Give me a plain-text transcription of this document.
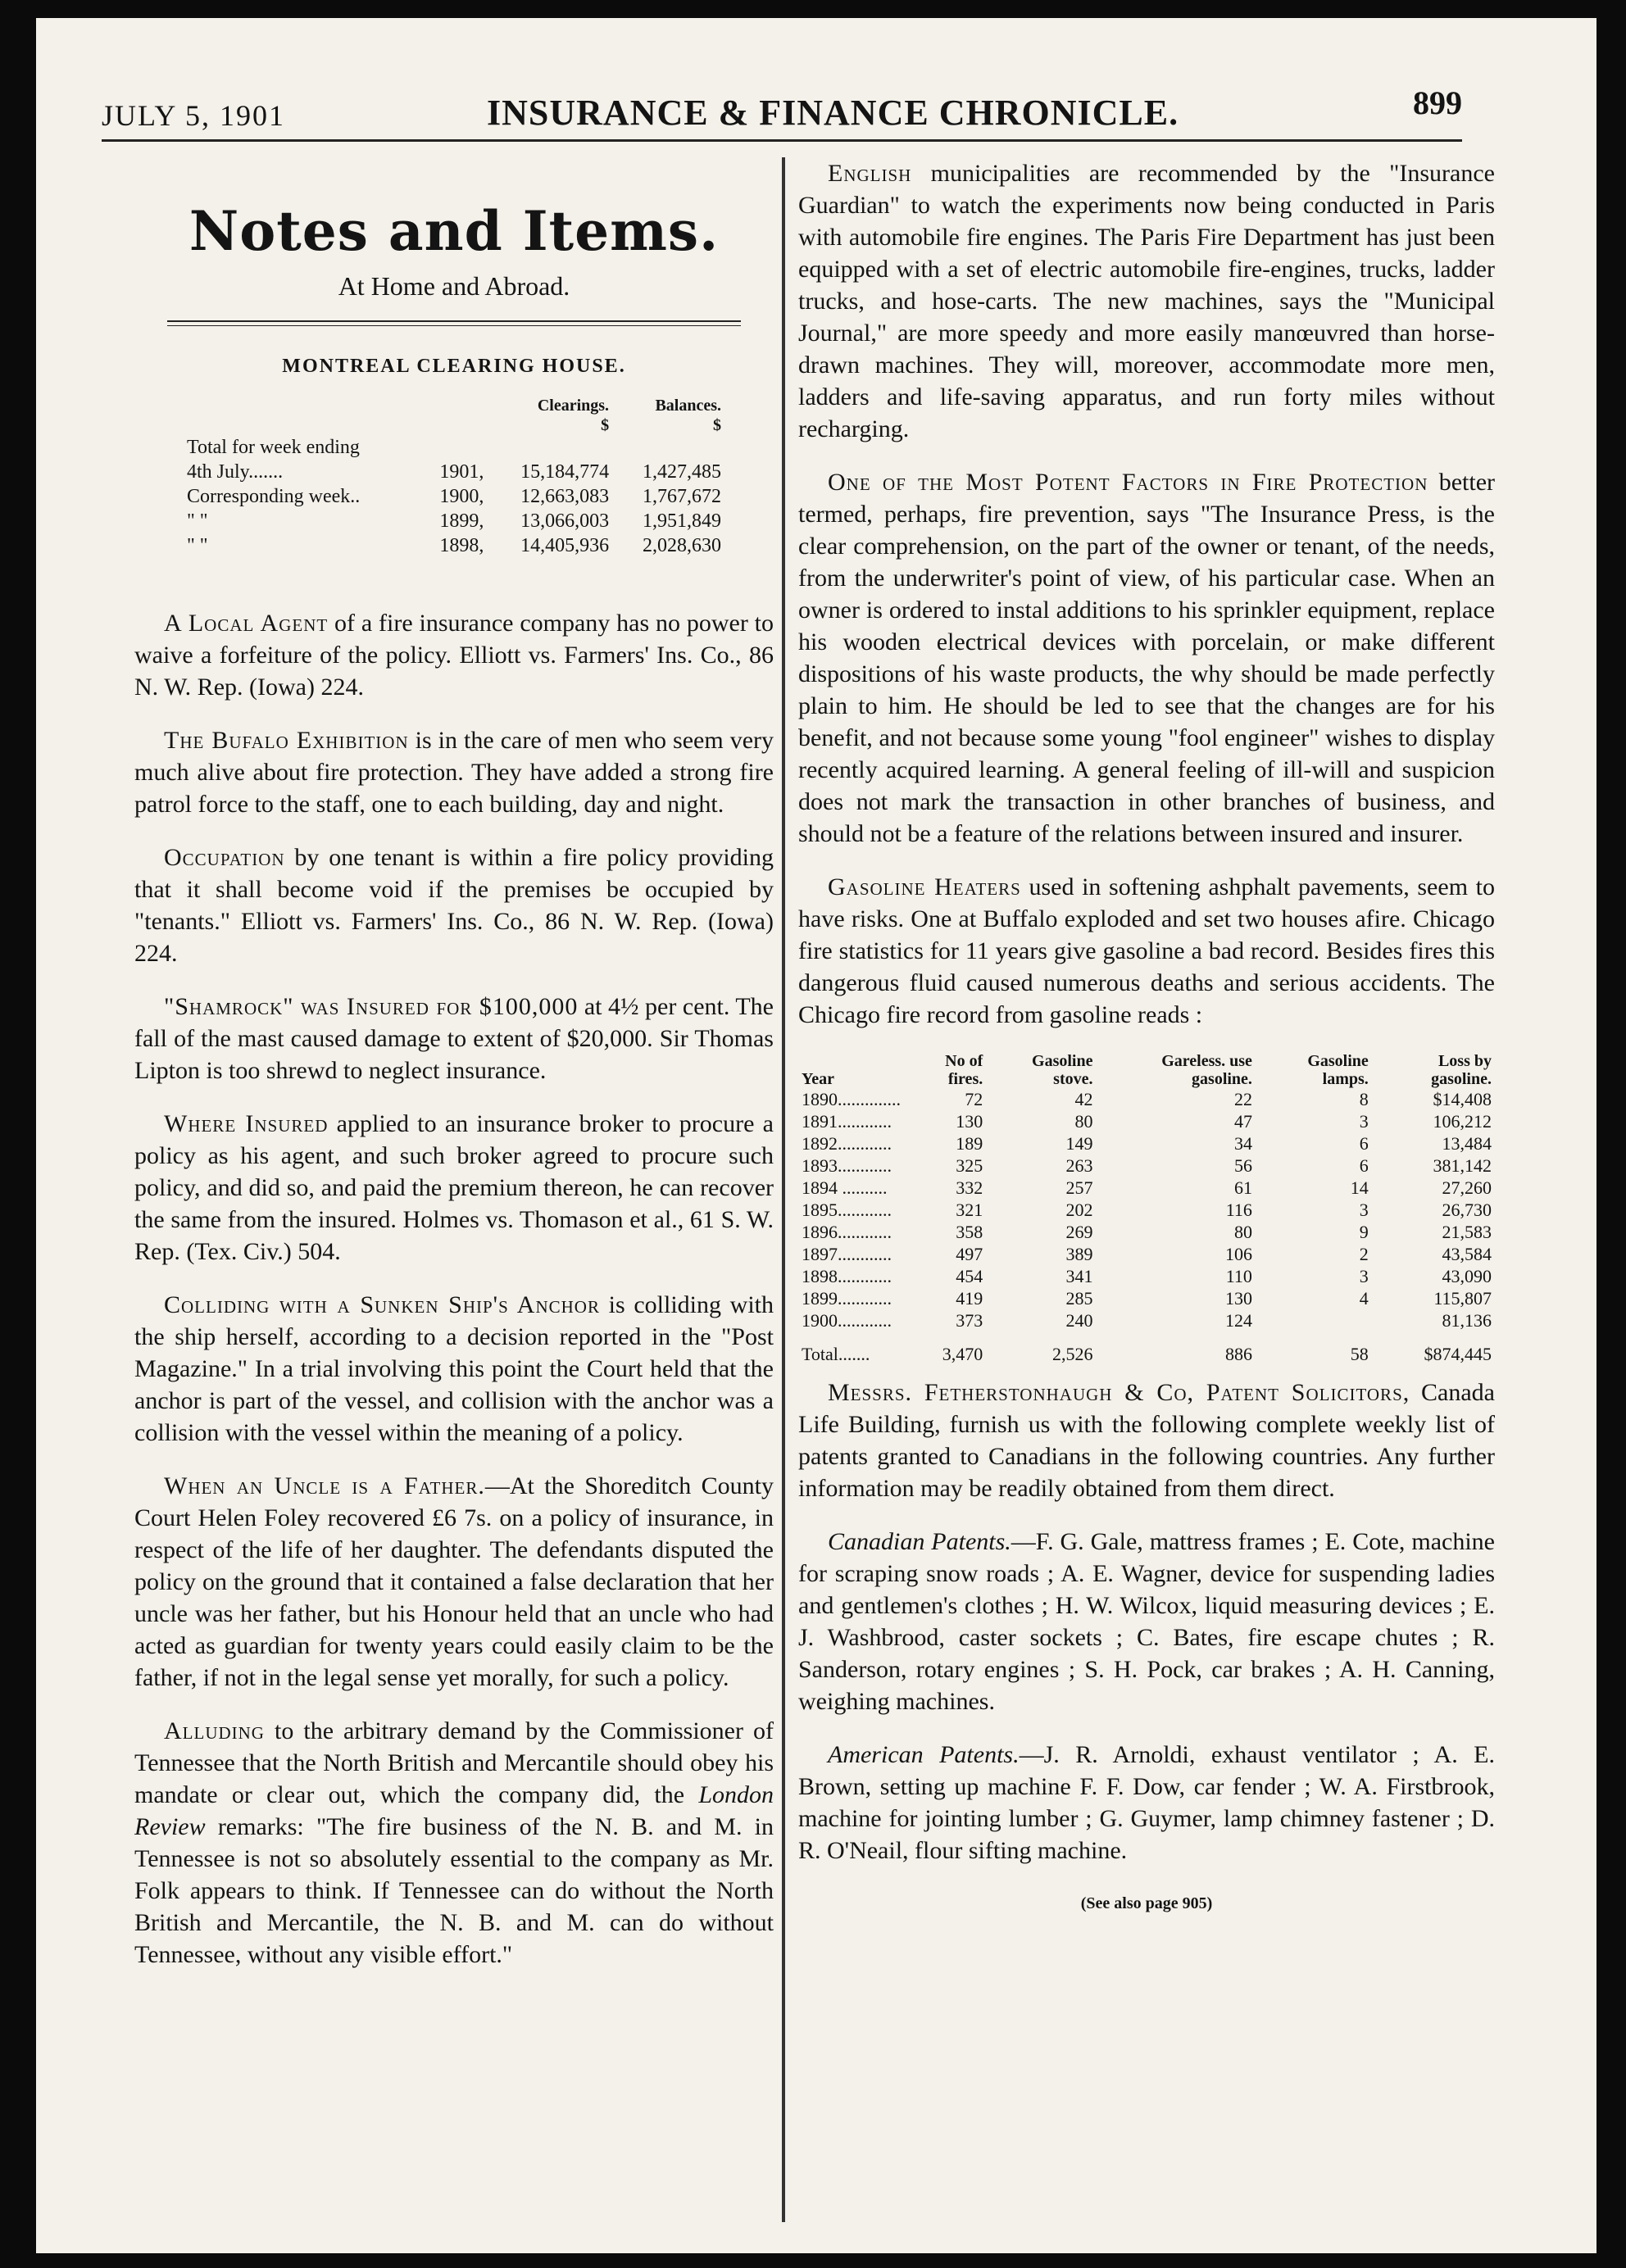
JULY 5, 1901	INSURANCE & FINANCE CHRONICLE.	899
Notes and Items.
At Home and Abroad.
MONTREAL CLEARING HOUSE.
		Clearings.	Balances.
		$	$
Total for week ending			
4th July.......	1901,	15,184,774	1,427,485
Corresponding week..	1900,	12,663,083	1,767,672
" "	1899,	13,066,003	1,951,849
" "	1898,	14,405,936	2,028,630

A Local Agent of a fire insurance company has no power to waive a forfeiture of the policy. Elliott vs. Farmers' Ins. Co., 86 N. W. Rep. (Iowa) 224.

The Bufalo Exhibition is in the care of men who seem very much alive about fire protection. They have added a strong fire patrol force to the staff, one to each building, day and night.

Occupation by one tenant is within a fire policy providing that it shall become void if the premises be occupied by "tenants." Elliott vs. Farmers' Ins. Co., 86 N. W. Rep. (Iowa) 224.

"Shamrock" was Insured for $100,000 at 4½ per cent. The fall of the mast caused damage to extent of $20,000. Sir Thomas Lipton is too shrewd to neglect insurance.

Where Insured applied to an insurance broker to procure a policy as his agent, and such broker agreed to procure such policy, and did so, and paid the premium thereon, he can recover the same from the insured. Holmes vs. Thomason et al., 61 S. W. Rep. (Tex. Civ.) 504.

Colliding with a Sunken Ship's Anchor is colliding with the ship herself, according to a decision reported in the "Post Magazine." In a trial involving this point the Court held that the anchor is part of the vessel, and collision with the anchor was a collision with the vessel within the meaning of a policy.

When an Uncle is a Father.—At the Shoreditch County Court Helen Foley recovered £6 7s. on a policy of insurance, in respect of the life of her daughter. The defendants disputed the policy on the ground that it contained a false declaration that her uncle was her father, but his Honour held that an uncle who had acted as guardian for twenty years could easily claim to be the father, if not in the legal sense yet morally, for such a policy.

Alluding to the arbitrary demand by the Commissioner of Tennessee that the North British and Mercantile should obey his mandate or clear out, which the company did, the London Review remarks: "The fire business of the N. B. and M. in Tennessee is not so absolutely essential to the company as Mr. Folk appears to think. If Tennessee can do without the North British and Mercantile, the N. B. and M. can do without Tennessee, without any visible effort."

English municipalities are recommended by the "Insurance Guardian" to watch the experiments now being conducted in Paris with automobile fire engines. The Paris Fire Department has just been equipped with a set of electric automobile fire-engines, trucks, ladder trucks, and hose-carts. The new machines, says the "Municipal Journal," are more speedy and more easily manœuvred than horse-drawn machines. They will, moreover, accommodate more men, ladders and life-saving apparatus, and run forty miles without recharging.

One of the Most Potent Factors in Fire Protection better termed, perhaps, fire prevention, says "The Insurance Press, is the clear comprehension, on the part of the owner or tenant, of the needs, from the underwriter's point of view, of his particular case. When an owner is ordered to instal additions to his sprinkler equipment, replace his wooden electrical devices with porcelain, or make different dispositions of his waste products, the why should be made perfectly plain to him. He should be led to see that the changes are for his benefit, and not because some young "fool engineer" wishes to display recently acquired learning. A general feeling of ill-will and suspicion does not mark the transaction in other branches of business, and should not be a feature of the relations between insured and insurer.

Gasoline Heaters used in softening ashphalt pavements, seem to have risks. One at Buffalo exploded and set two houses afire. Chicago fire statistics for 11 years give gasoline a bad record. Besides fires this dangerous fluid caused numerous deaths and serious accidents. The Chicago fire record from gasoline reads :

Year	No of fires.	Gasoline stove.	Gareless. use gasoline.	Gasoline lamps.	Loss by gasoline.
1890..............	72	42	22	8	$14,408
1891............	130	80	47	3	106,212
1892............	189	149	34	6	13,484
1893............	325	263	56	6	381,142
1894 ..........	332	257	61	14	27,260
1895............	321	202	116	3	26,730
1896............	358	269	80	9	21,583
1897............	497	389	106	2	43,584
1898............	454	341	110	3	43,090
1899............	419	285	130	4	115,807
1900............	373	240	124		81,136
Total.......	3,470	2,526	886	58	$874,445

Messrs. Fetherstonhaugh & Co, Patent Solicitors, Canada Life Building, furnish us with the following complete weekly list of patents granted to Canadians in the following countries. Any further information may be readily obtained from them direct.

Canadian Patents.—F. G. Gale, mattress frames ; E. Cote, machine for scraping snow roads ; A. E. Wagner, device for suspending ladies and gentlemen's clothes ; H. W. Wilcox, liquid measuring devices ; E. J. Washbrood, caster sockets ; C. Bates, fire escape chutes ; R. Sanderson, rotary engines ; S. H. Pock, car brakes ; A. H. Canning, weighing machines.

American Patents.—J. R. Arnoldi, exhaust ventilator ; A. E. Brown, setting up machine F. F. Dow, car fender ; W. A. Firstbrook, machine for jointing lumber ; G. Guymer, lamp chimney fastener ; D. R. O'Neail, flour sifting machine.

(See also page 905)
